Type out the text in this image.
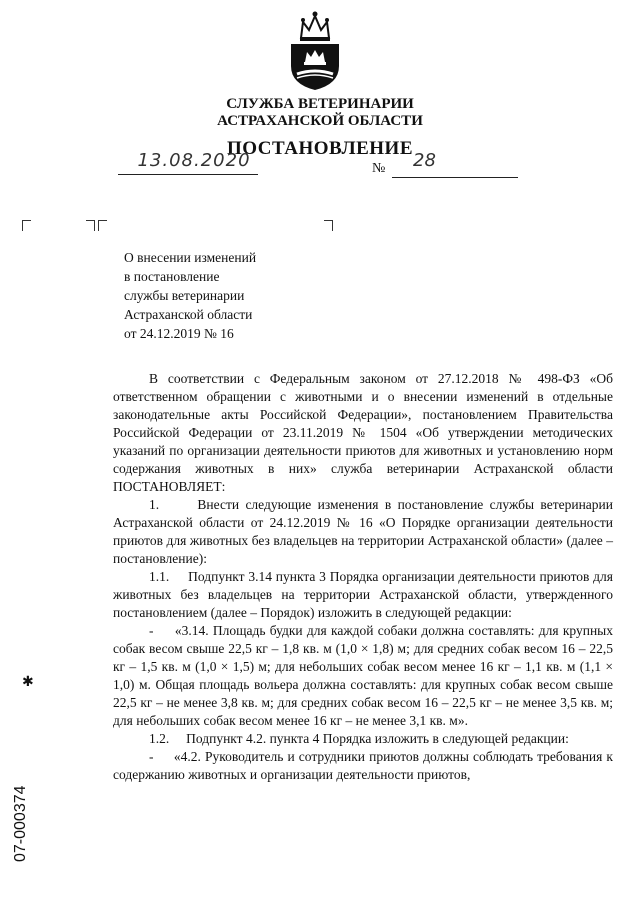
СЛУЖБА ВЕТЕРИНАРИИ
АСТРАХАНСКОЙ ОБЛАСТИ
ПОСТАНОВЛЕНИЕ
13.08.2020	№ 28
О внесении изменений
в постановление
службы ветеринарии
Астраханской области
от 24.12.2019 № 16

В соответствии с Федеральным законом от 27.12.2018 № 498-ФЗ «Об ответственном обращении с животными и о внесении изменений в отдельные законодательные акты Российской Федерации», постановлением Правительства Российской Федерации от 23.11.2019 № 1504 «Об утверждении методических указаний по организации деятельности приютов для животных и установлению норм содержания животных в них» служба ветеринарии Астраханской области ПОСТАНОВЛЯЕТ:

1.      Внести следующие изменения в постановление службы ветеринарии Астраханской области от 24.12.2019 № 16 «О Порядке организации деятельности приютов для животных без владельцев на территории Астраханской области» (далее – постановление):

1.1.     Подпункт 3.14 пункта 3 Порядка организации деятельности приютов для животных без владельцев на территории Астраханской области, утвержденного постановлением (далее – Порядок) изложить в следующей редакции:

-     «3.14. Площадь будки для каждой собаки должна составлять: для крупных собак весом свыше 22,5 кг – 1,8 кв. м (1,0 × 1,8) м; для средних собак весом 16 – 22,5 кг – 1,5 кв. м (1,0 × 1,5) м; для небольших собак весом менее 16 кг – 1,1 кв. м (1,1 × 1,0) м. Общая площадь вольера должна составлять: для крупных собак весом свыше 22,5 кг – не менее 3,8 кв. м; для средних собак весом 16 – 22,5 кг – не менее 3,5 кв. м; для небольших собак весом менее 16 кг – не менее 3,1 кв. м».

1.2.     Подпункт 4.2. пункта 4 Порядка изложить в следующей редакции:

-     «4.2. Руководитель и сотрудники приютов должны соблюдать требования к содержанию животных и организации деятельности приютов,

✱
07-000374
